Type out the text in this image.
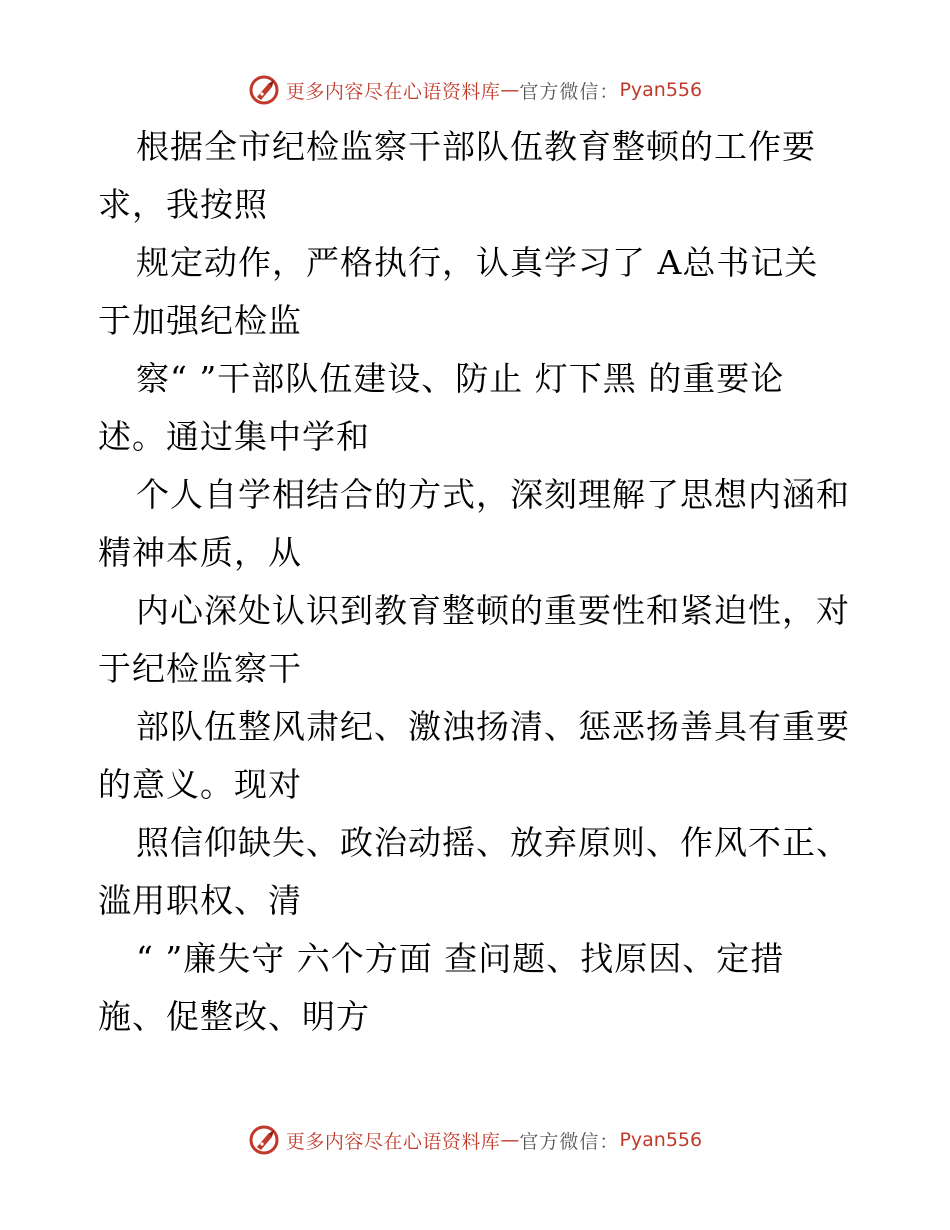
更多内容尽在心语资料库 — 官方微信： Pyan556
根据全市纪检监察干部队伍教育整顿的工作要
求，我按照
规定动作，严格执行，认真学习了 A总书记关
于加强纪检监
察“ ”干部队伍建设、防止 灯下黑 的重要论
述。通过集中学和
个人自学相结合的方式，深刻理解了思想内涵和
精神本质，从
内心深处认识到教育整顿的重要性和紧迫性，对
于纪检监察干
部队伍整风肃纪、激浊扬清、惩恶扬善具有重要
的意义。现对
照信仰缺失、政治动摇、放弃原则、作风不正、
滥用职权、清
“ ”廉失守 六个方面 查问题、找原因、定措
施、促整改、明方
更多内容尽在心语资料库 — 官方微信： Pyan556
